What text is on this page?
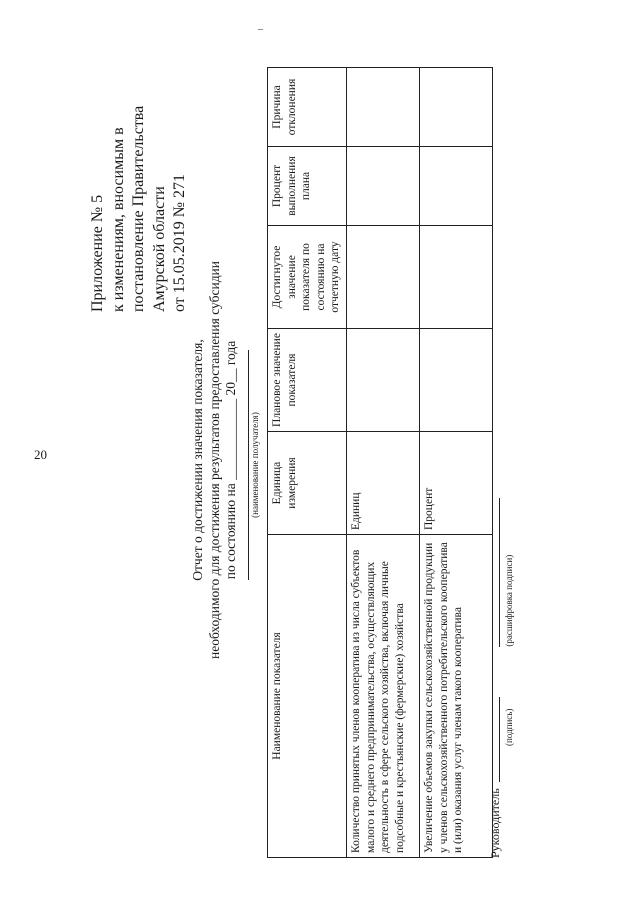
20
–
Приложение № 5 к изменениям, вносимым в постановление Правительства Амурской области от 15.05.2019 № 271
Отчет о достижении значения показателя, необходимого для достижения результатов предоставления субсидии по состоянию на ____________ 20__ года (наименование получателя)
Наименование показателя	Единица измерения	Плановое значение показателя	Достигнутое значение показателя по состоянию на отчетную дату	Процент выполнения плана	Причина отклонения
Количество принятых членов кооператива из числа субъектов малого и среднего предпринимательства, осуществляющих деятельность в сфере сельского хозяйства, включая личные подсобные и крестьянские (фермерские) хозяйства	Единиц				
Увеличение объемов закупки сельскохозяйственной продукции у членов сельскохозяйственного потребительского кооператива и (или) оказания услуг членам такого кооператива	Процент				
Руководитель
(подпись)
(расшифровка подписи)
